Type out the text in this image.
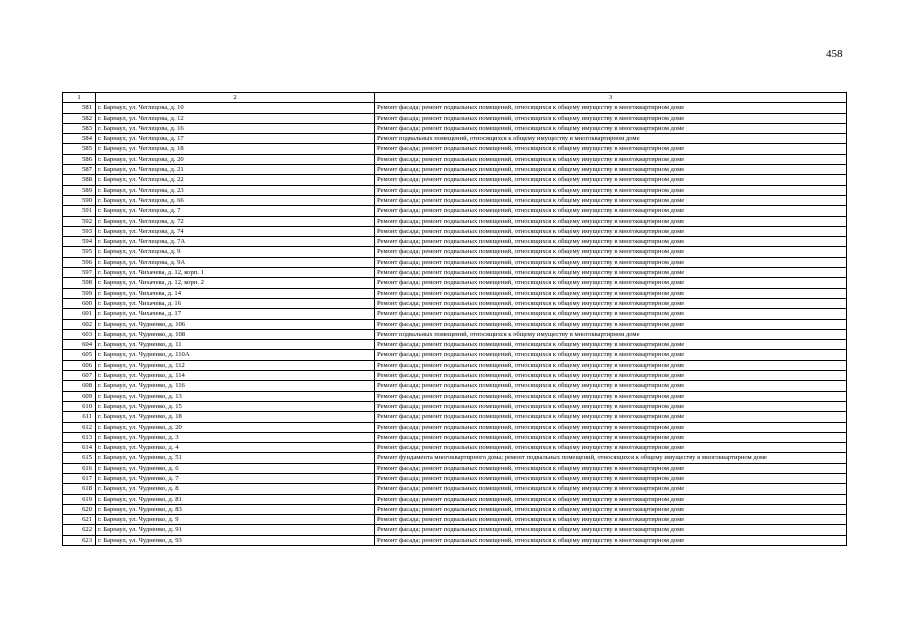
458
1	2	3
581	г. Барнаул, ул. Чеглецова, д. 10	Ремонт фасада; ремонт подвальных помещений, относящихся к общему имуществу в многоквартирном доме
582	г. Барнаул, ул. Чеглецова, д. 12	Ремонт фасада; ремонт подвальных помещений, относящихся к общему имуществу в многоквартирном доме
583	г. Барнаул, ул. Чеглецова, д. 16	Ремонт фасада; ремонт подвальных помещений, относящихся к общему имуществу в многоквартирном доме
584	г. Барнаул, ул. Чеглецова, д. 17	Ремонт подвальных помещений, относящихся к общему имуществу в многоквартирном доме
585	г. Барнаул, ул. Чеглецова, д. 18	Ремонт фасада; ремонт подвальных помещений, относящихся к общему имуществу в многоквартирном доме
586	г. Барнаул, ул. Чеглецова, д. 20	Ремонт фасада; ремонт подвальных помещений, относящихся к общему имуществу в многоквартирном доме
587	г. Барнаул, ул. Чеглецова, д. 21	Ремонт фасада; ремонт подвальных помещений, относящихся к общему имуществу в многоквартирном доме
588	г. Барнаул, ул. Чеглецова, д. 22	Ремонт фасада; ремонт подвальных помещений, относящихся к общему имуществу в многоквартирном доме
589	г. Барнаул, ул. Чеглецова, д. 23	Ремонт фасада; ремонт подвальных помещений, относящихся к общему имуществу в многоквартирном доме
590	г. Барнаул, ул. Чеглецова, д. 66	Ремонт фасада; ремонт подвальных помещений, относящихся к общему имуществу в многоквартирном доме
591	г. Барнаул, ул. Чеглецова, д. 7	Ремонт фасада; ремонт подвальных помещений, относящихся к общему имуществу в многоквартирном доме
592	г. Барнаул, ул. Чеглецова, д. 72	Ремонт фасада; ремонт подвальных помещений, относящихся к общему имуществу в многоквартирном доме
593	г. Барнаул, ул. Чеглецова, д. 74	Ремонт фасада; ремонт подвальных помещений, относящихся к общему имуществу в многоквартирном доме
594	г. Барнаул, ул. Чеглецова, д. 7А	Ремонт фасада; ремонт подвальных помещений, относящихся к общему имуществу в многоквартирном доме
595	г. Барнаул, ул. Чеглецова, д. 9	Ремонт фасада; ремонт подвальных помещений, относящихся к общему имуществу в многоквартирном доме
596	г. Барнаул, ул. Чеглецова, д. 9А	Ремонт фасада; ремонт подвальных помещений, относящихся к общему имуществу в многоквартирном доме
597	г. Барнаул, ул. Чихачева, д. 12, корп. 1	Ремонт фасада; ремонт подвальных помещений, относящихся к общему имуществу в многоквартирном доме
598	г. Барнаул, ул. Чихачева, д. 12, корп. 2	Ремонт фасада; ремонт подвальных помещений, относящихся к общему имуществу в многоквартирном доме
599	г. Барнаул, ул. Чихачева, д. 14	Ремонт фасада; ремонт подвальных помещений, относящихся к общему имуществу в многоквартирном доме
600	г. Барнаул, ул. Чихачева, д. 16	Ремонт фасада; ремонт подвальных помещений, относящихся к общему имуществу в многоквартирном доме
601	г. Барнаул, ул. Чихачева, д. 17	Ремонт фасада; ремонт подвальных помещений, относящихся к общему имуществу в многоквартирном доме
602	г. Барнаул, ул. Чудненко, д. 106	Ремонт фасада; ремонт подвальных помещений, относящихся к общему имуществу в многоквартирном доме
603	г. Барнаул, ул. Чудненко, д. 108	Ремонт подвальных помещений, относящихся к общему имуществу в многоквартирном доме
604	г. Барнаул, ул. Чудненко, д. 11	Ремонт фасада; ремонт подвальных помещений, относящихся к общему имуществу в многоквартирном доме
605	г. Барнаул, ул. Чудненко, д. 110А	Ремонт фасада; ремонт подвальных помещений, относящихся к общему имуществу в многоквартирном доме
606	г. Барнаул, ул. Чудненко, д. 112	Ремонт фасада; ремонт подвальных помещений, относящихся к общему имуществу в многоквартирном доме
607	г. Барнаул, ул. Чудненко, д. 114	Ремонт фасада; ремонт подвальных помещений, относящихся к общему имуществу в многоквартирном доме
608	г. Барнаул, ул. Чудненко, д. 116	Ремонт фасада; ремонт подвальных помещений, относящихся к общему имуществу в многоквартирном доме
609	г. Барнаул, ул. Чудненко, д. 13	Ремонт фасада; ремонт подвальных помещений, относящихся к общему имуществу в многоквартирном доме
610	г. Барнаул, ул. Чудненко, д. 15	Ремонт фасада; ремонт подвальных помещений, относящихся к общему имуществу в многоквартирном доме
611	г. Барнаул, ул. Чудненко, д. 18	Ремонт фасада; ремонт подвальных помещений, относящихся к общему имуществу в многоквартирном доме
612	г. Барнаул, ул. Чудненко, д. 20	Ремонт фасада; ремонт подвальных помещений, относящихся к общему имуществу в многоквартирном доме
613	г. Барнаул, ул. Чудненко, д. 3	Ремонт фасада; ремонт подвальных помещений, относящихся к общему имуществу в многоквартирном доме
614	г. Барнаул, ул. Чудненко, д. 4	Ремонт фасада; ремонт подвальных помещений, относящихся к общему имуществу в многоквартирном доме
615	г. Барнаул, ул. Чудненко, д. 51	Ремонт фундамента многоквартирного дома; ремонт подвальных помещений, относящихся к общему имуществу в многоквартирном доме
616	г. Барнаул, ул. Чудненко, д. 6	Ремонт фасада; ремонт подвальных помещений, относящихся к общему имуществу в многоквартирном доме
617	г. Барнаул, ул. Чудненко, д. 7	Ремонт фасада; ремонт подвальных помещений, относящихся к общему имуществу в многоквартирном доме
618	г. Барнаул, ул. Чудненко, д. 8	Ремонт фасада; ремонт подвальных помещений, относящихся к общему имуществу в многоквартирном доме
619	г. Барнаул, ул. Чудненко, д. 81	Ремонт фасада; ремонт подвальных помещений, относящихся к общему имуществу в многоквартирном доме
620	г. Барнаул, ул. Чудненко, д. 83	Ремонт фасада; ремонт подвальных помещений, относящихся к общему имуществу в многоквартирном доме
621	г. Барнаул, ул. Чудненко, д. 9	Ремонт фасада; ремонт подвальных помещений, относящихся к общему имуществу в многоквартирном доме
622	г. Барнаул, ул. Чудненко, д. 91	Ремонт фасада; ремонт подвальных помещений, относящихся к общему имуществу в многоквартирном доме
623	г. Барнаул, ул. Чудненко, д. 93	Ремонт фасада; ремонт подвальных помещений, относящихся к общему имуществу в многоквартирном доме
